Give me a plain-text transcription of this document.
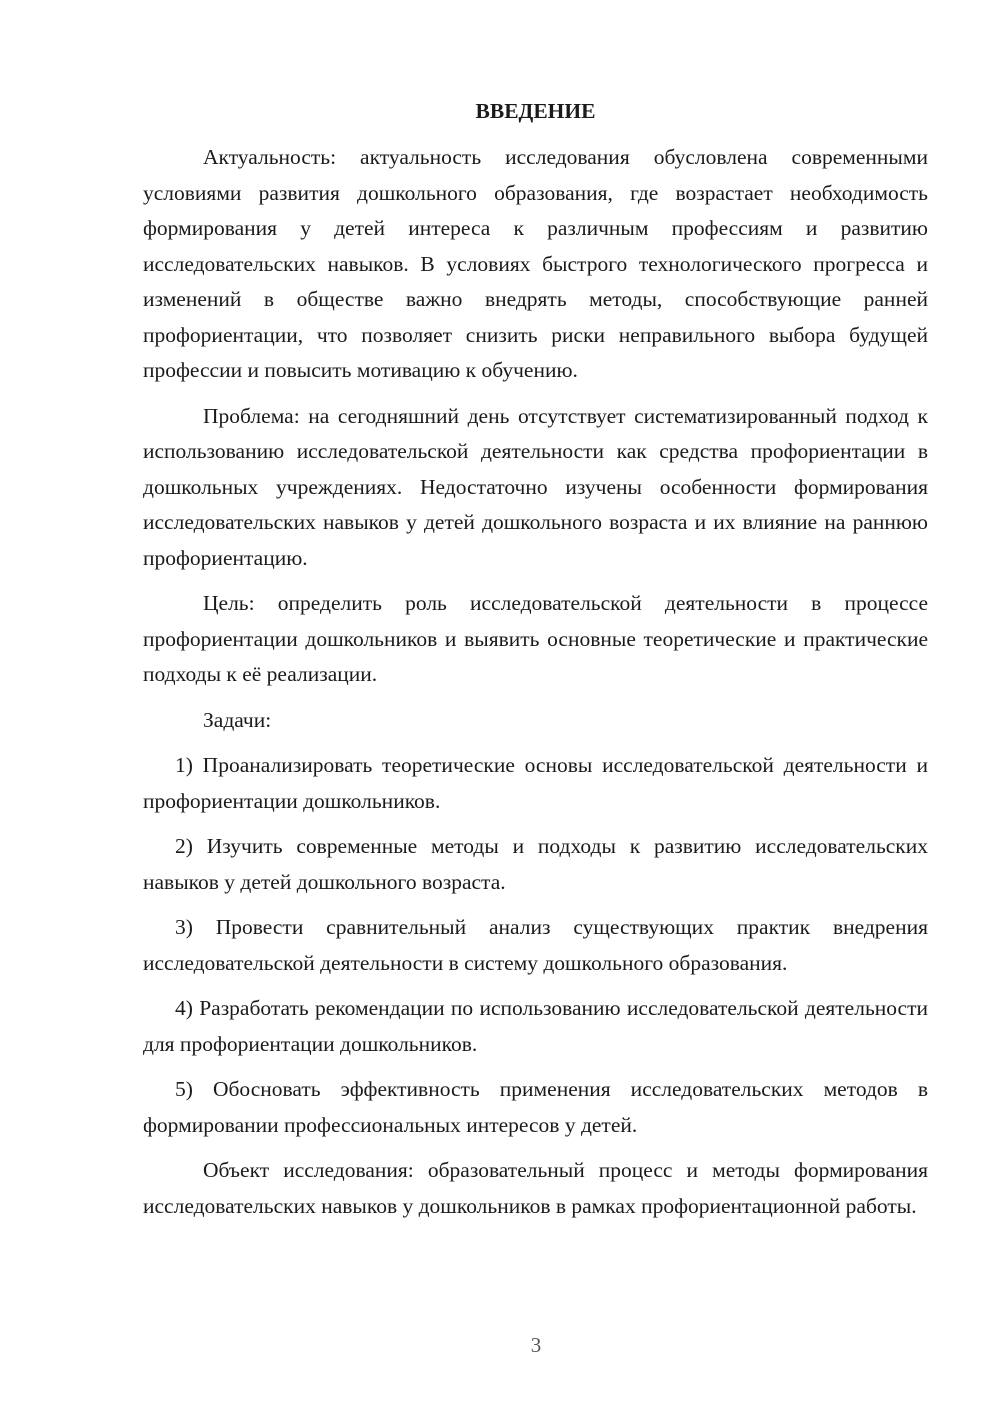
ВВЕДЕНИЕ

Актуальность: актуальность исследования обусловлена современными условиями развития дошкольного образования, где возрастает необходимость формирования у детей интереса к различным профессиям и развитию исследовательских навыков. В условиях быстрого технологического прогресса и изменений в обществе важно внедрять методы, способствующие ранней профориентации, что позволяет снизить риски неправильного выбора будущей профессии и повысить мотивацию к обучению.

Проблема: на сегодняшний день отсутствует систематизированный подход к использованию исследовательской деятельности как средства профориентации в дошкольных учреждениях. Недостаточно изучены особенности формирования исследовательских навыков у детей дошкольного возраста и их влияние на раннюю профориентацию.

Цель: определить роль исследовательской деятельности в процессе профориентации дошкольников и выявить основные теоретические и практические подходы к её реализации.

Задачи:

1) Проанализировать теоретические основы исследовательской деятельности и профориентации дошкольников.

2) Изучить современные методы и подходы к развитию исследовательских навыков у детей дошкольного возраста.

3) Провести сравнительный анализ существующих практик внедрения исследовательской деятельности в систему дошкольного образования.

4) Разработать рекомендации по использованию исследовательской деятельности для профориентации дошкольников.

5) Обосновать эффективность применения исследовательских методов в формировании профессиональных интересов у детей.

Объект исследования: образовательный процесс и методы формирования исследовательских навыков у дошкольников в рамках профориентационной работы.

3
